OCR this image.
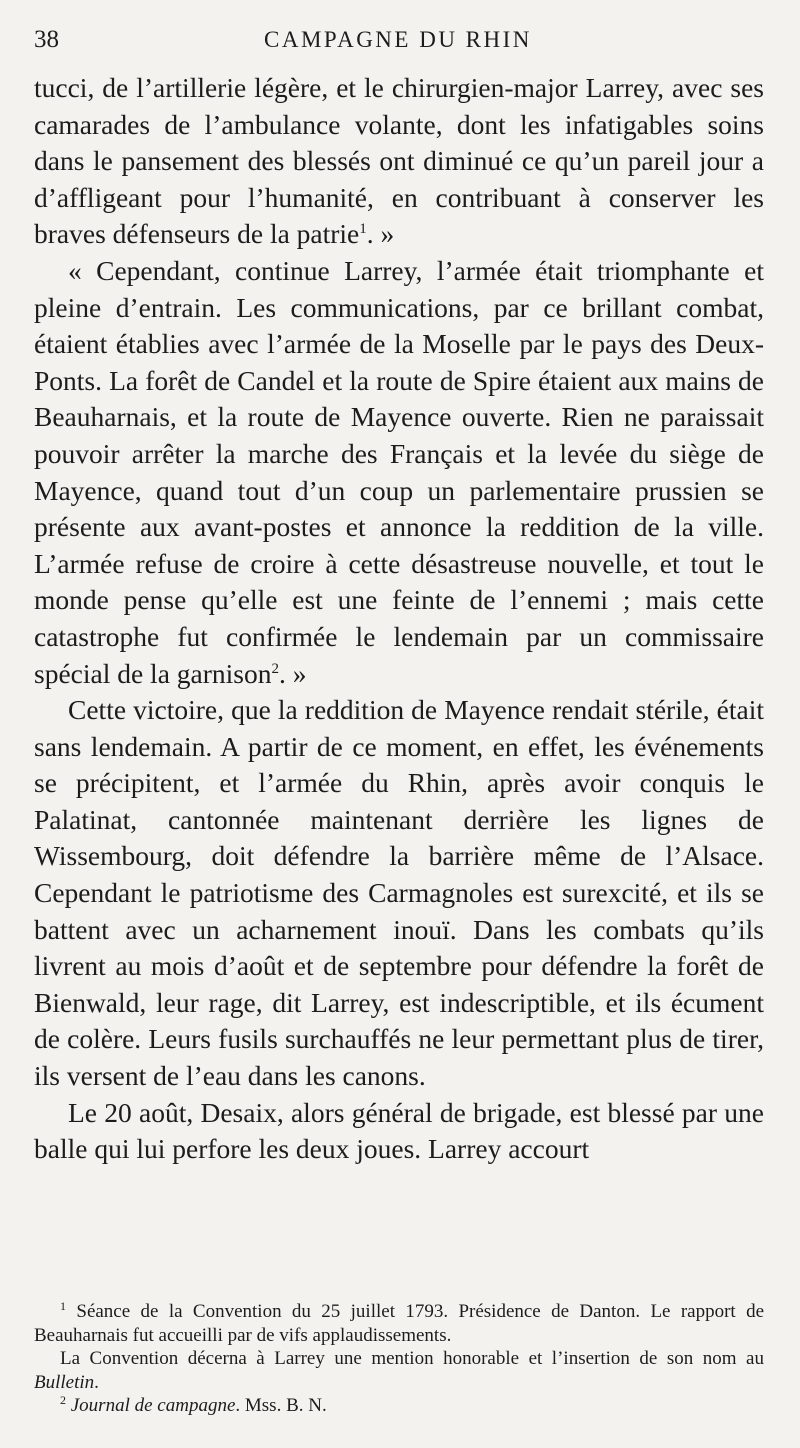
38	CAMPAGNE DU RHIN

tucci, de l’artillerie légère, et le chirurgien-major Larrey, avec ses camarades de l’ambulance volante, dont les infatigables soins dans le pansement des blessés ont diminué ce qu’un pareil jour a d’affligeant pour l’humanité, en contribuant à conserver les braves défenseurs de la patrie$^1$. »

« Cependant, continue Larrey, l’armée était triomphante et pleine d’entrain. Les communications, par ce brillant combat, étaient établies avec l’armée de la Moselle par le pays des Deux-Ponts. La forêt de Candel et la route de Spire étaient aux mains de Beauharnais, et la route de Mayence ouverte. Rien ne paraissait pouvoir arrêter la marche des Français et la levée du siège de Mayence, quand tout d’un coup un parlementaire prussien se présente aux avant-postes et annonce la reddition de la ville. L’armée refuse de croire à cette désastreuse nouvelle, et tout le monde pense qu’elle est une feinte de l’ennemi ; mais cette catastrophe fut confirmée le lendemain par un commissaire spécial de la garnison$^2$. »

Cette victoire, que la reddition de Mayence rendait stérile, était sans lendemain. A partir de ce moment, en effet, les événements se précipitent, et l’armée du Rhin, après avoir conquis le Palatinat, cantonnée maintenant derrière les lignes de Wissembourg, doit défendre la barrière même de l’Alsace. Cependant le patriotisme des Carmagnoles est surexcité, et ils se battent avec un acharnement inouï. Dans les combats qu’ils livrent au mois d’août et de septembre pour défendre la forêt de Bienwald, leur rage, dit Larrey, est indescriptible, et ils écument de colère. Leurs fusils surchauffés ne leur permettant plus de tirer, ils versent de l’eau dans les canons.

Le 20 août, Desaix, alors général de brigade, est blessé par une balle qui lui perfore les deux joues. Larrey accourt

$^1$ Séance de la Convention du 25 juillet 1793. Présidence de Danton. Le rapport de Beauharnais fut accueilli par de vifs applaudissements.

La Convention décerna à Larrey une mention honorable et l’insertion de son nom au Bulletin.

$^2$ Journal de campagne. Mss. B. N.
